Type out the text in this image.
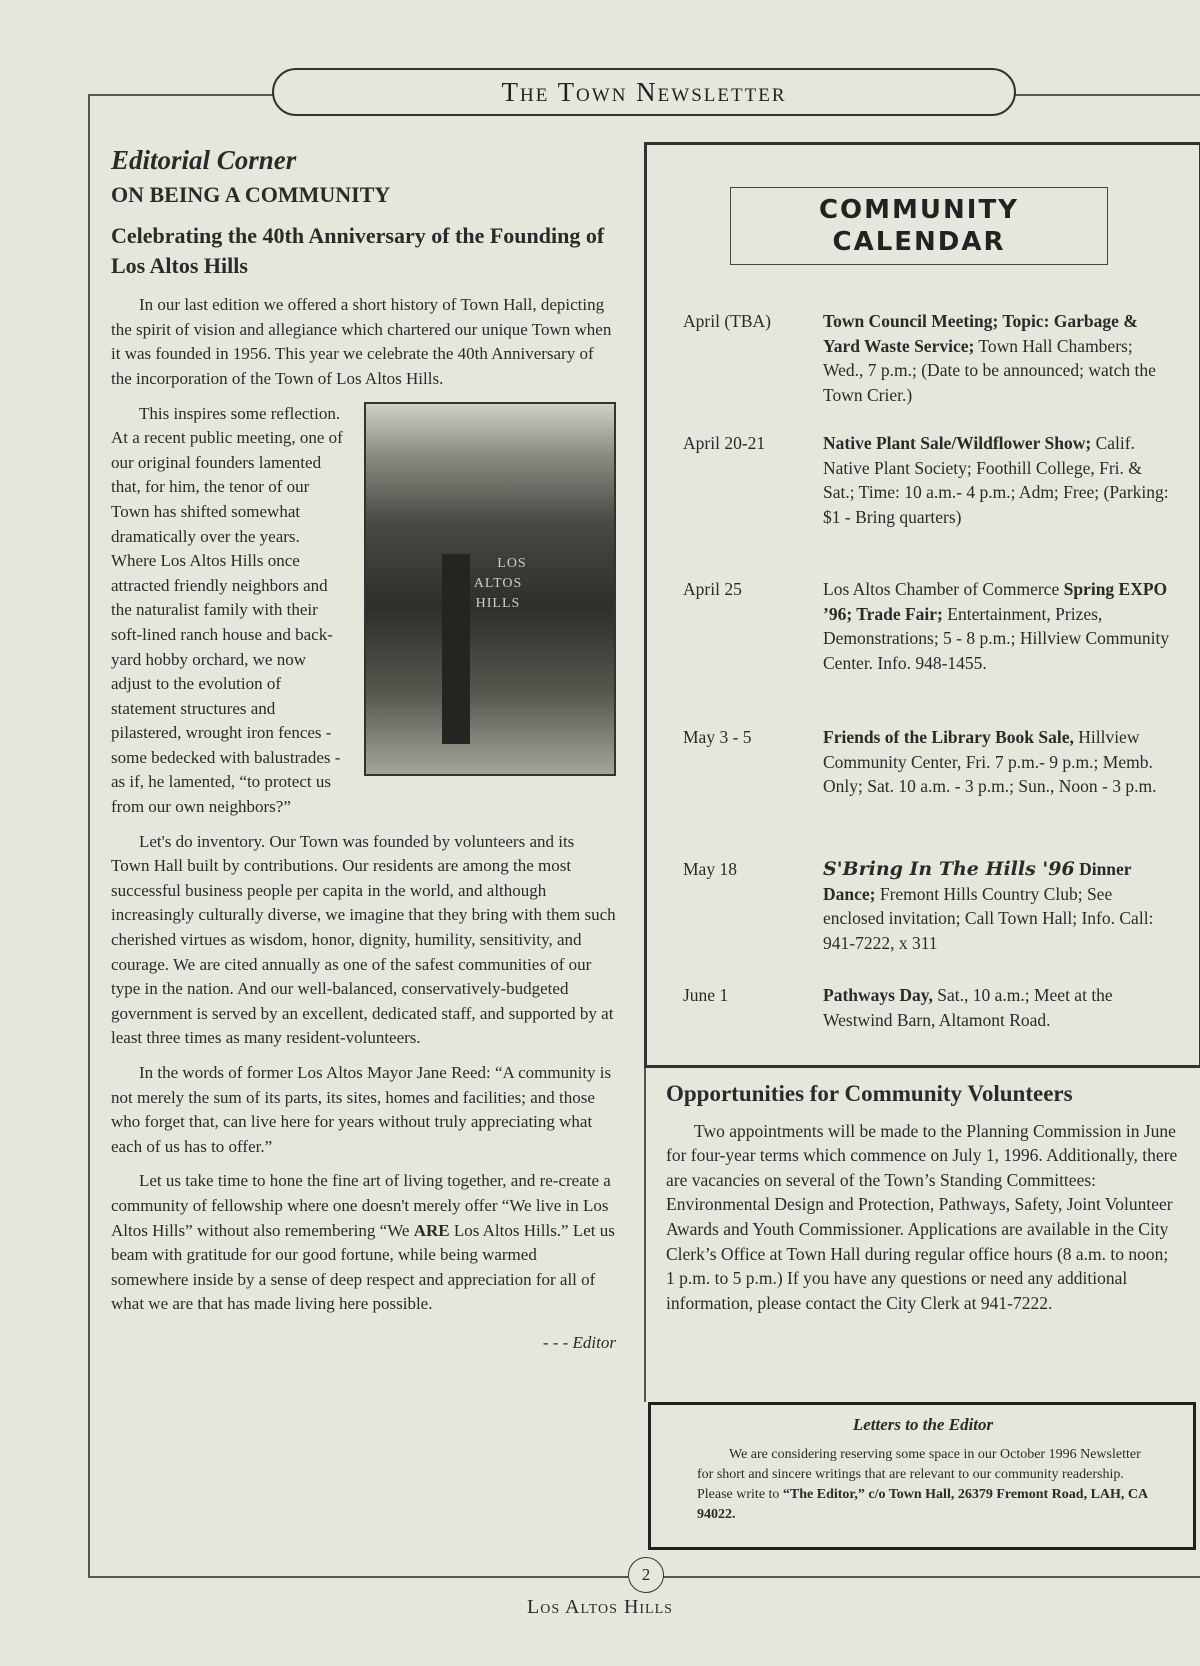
The Town Newsletter
Editorial Corner
ON BEING A COMMUNITY
Celebrating the 40th Anniversary of the Founding of Los Altos Hills

In our last edition we offered a short history of Town Hall, depicting the spirit of vision and allegiance which chartered our unique Town when it was founded in 1956. This year we celebrate the 40th Anniversary of the incorporation of the Town of Los Altos Hills.

LOS ALTOS HILLS
This inspires some reflection. At a recent public meeting, one of our original founders lamented that, for him, the tenor of our Town has shifted somewhat dramatically over the years. Where Los Altos Hills once attracted friendly neighbors and the naturalist family with their soft-lined ranch house and back-yard hobby orchard, we now adjust to the evolution of statement structures and pilastered, wrought iron fences - some bedecked with balustrades - as if, he lamented, “to protect us from our own neighbors?”

Let's do inventory. Our Town was founded by volunteers and its Town Hall built by contributions. Our residents are among the most successful business people per capita in the world, and although increasingly culturally diverse, we imagine that they bring with them such cherished virtues as wisdom, honor, dignity, humility, sensitivity, and courage. We are cited annually as one of the safest communities of our type in the nation. And our well-balanced, conservatively-budgeted government is served by an excellent, dedicated staff, and supported by at least three times as many resident-volunteers.

In the words of former Los Altos Mayor Jane Reed: “A community is not merely the sum of its parts, its sites, homes and facilities; and those who forget that, can live here for years without truly appreciating what each of us has to offer.”

Let us take time to hone the fine art of living together, and re-create a community of fellowship where one doesn't merely offer “We live in Los Altos Hills” without also remembering “We ARE Los Altos Hills.” Let us beam with gratitude for our good fortune, while being warmed somewhere inside by a sense of deep respect and appreciation for all of what we are that has made living here possible.

- - - Editor
COMMUNITY
CALENDAR
April (TBA)	Town Council Meeting; Topic: Garbage & Yard Waste Service; Town Hall Chambers; Wed., 7 p.m.; (Date to be announced; watch the Town Crier.)
April 20-21	Native Plant Sale/Wildflower Show; Calif. Native Plant Society; Foothill College, Fri. & Sat.; Time: 10 a.m.- 4 p.m.; Adm; Free; (Parking: $1 - Bring quarters)
April 25	Los Altos Chamber of Commerce Spring EXPO ’96; Trade Fair; Entertainment, Prizes, Demonstrations; 5 - 8 p.m.; Hillview Community Center. Info. 948-1455.
May 3 - 5	Friends of the Library Book Sale, Hillview Community Center, Fri. 7 p.m.- 9 p.m.; Memb. Only; Sat. 10 a.m. - 3 p.m.; Sun., Noon - 3 p.m.
May 18	S'Bring In The Hills '96 Dinner Dance; Fremont Hills Country Club; See enclosed invitation; Call Town Hall; Info. Call: 941-7222, x 311
June 1	Pathways Day, Sat., 10 a.m.; Meet at the Westwind Barn, Altamont Road.
Opportunities for Community Volunteers

Two appointments will be made to the Planning Commission in June for four-year terms which commence on July 1, 1996. Additionally, there are vacancies on several of the Town’s Standing Committees: Environmental Design and Protection, Pathways, Safety, Joint Volunteer Awards and Youth Commissioner. Applications are available in the City Clerk’s Office at Town Hall during regular office hours (8 a.m. to noon; 1 p.m. to 5 p.m.) If you have any questions or need any additional information, please contact the City Clerk at 941-7222.

Letters to the Editor

We are considering reserving some space in our October 1996 Newsletter for short and sincere writings that are relevant to our community readership. Please write to “The Editor,” c/o Town Hall, 26379 Fremont Road, LAH, CA 94022.

2
Los Altos Hills
